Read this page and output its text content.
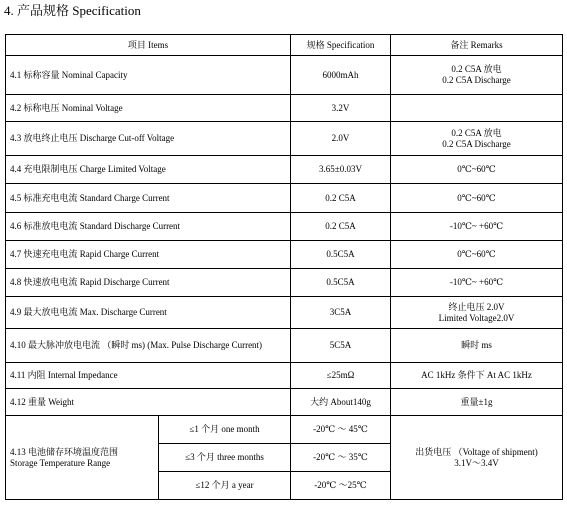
4. 产品规格 Specification
项目 Items		规格 Specification	备注 Remarks
4.1 标称容量 Nominal Capacity		6000mAh	0.2 C5A 放电
0.2 C5A Discharge

4.2 标称电压 Nominal Voltage		3.2V	

4.3 放电终止电压 Discharge Cut-off Voltage		2.0V	0.2 C5A 放电
0.2 C5A Discharge

4.4 充电限制电压 Charge Limited Voltage		3.65±0.03V	0℃~60℃

4.5 标准充电电流 Standard Charge Current		0.2 C5A	0℃~60℃

4.6 标准放电电流 Standard Discharge Current		0.2 C5A	-10℃~ +60℃

4.7 快速充电电流 Rapid Charge Current		0.5C5A	0℃~60℃

4.8 快速放电电流 Rapid Discharge Current		0.5C5A	-10℃~ +60℃

4.9 最大放电电流 Max. Discharge Current		3C5A	终止电压 2.0V
Limited Voltage2.0V

4.10 最大脉冲放电电流 （瞬时 ms) (Max. Pulse Discharge Current)		5C5A	瞬时 ms

4.11 内阻 Internal Impedance		≤25mΩ	AC 1kHz 条件下 At AC 1kHz

4.12 重量 Weight		大约 About140g	重量±1g

4.13 电池储存环境温度范围
Storage Temperature Range	≤1 个月 one month	-20℃ ～ 45℃	出货电压 （Voltage of shipment)
3.1V～3.4V

	≤3 个月 three months	-20℃ ～ 35℃	
	≤12 个月 a year	-20℃ ～25℃	
